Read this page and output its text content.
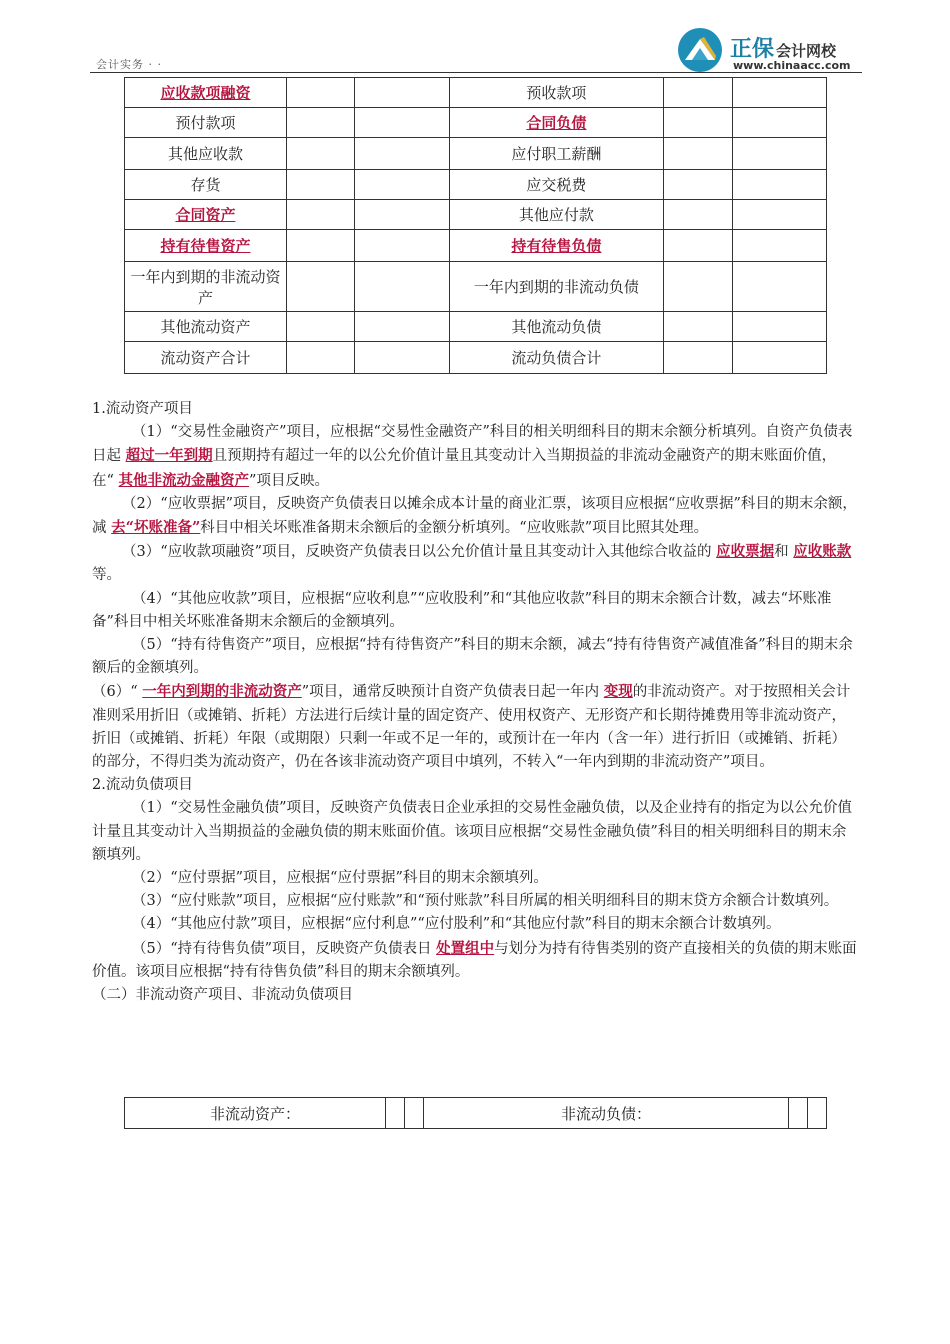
会计实务 · ·
正保 会计网校
www.chinaacc.com
应收款项融资			预收款项		
预付款项			合同负债		
其他应收款			应付职工薪酬		
存货			应交税费		
合同资产			其他应付款		
持有待售资产			持有待售负债		
一年内到期的非流动资产			一年内到期的非流动负债		
其他流动资产			其他流动负债		
流动资产合计			流动负债合计		

1.流动资产项目

（1）“交易性金融资产”项目，应根据“交易性金融资产”科目的相关明细科目的期末余额分析填列。自资产负债表日起 超过一年到期且预期持有超过一年的以公允价值计量且其变动计入当期损益的非流动金融资产的期末账面价值，在“ 其他非流动金融资产”项目反映。

（2）“应收票据”项目，反映资产负债表日以摊余成本计量的商业汇票，该项目应根据“应收票据”科目的期末余额，减 去“坏账准备”科目中相关坏账准备期末余额后的金额分析填列。“应收账款”项目比照其处理。

（3）“应收款项融资”项目，反映资产负债表日以公允价值计量且其变动计入其他综合收益的 应收票据和 应收账款等。

（4）“其他应收款”项目，应根据“应收利息”“应收股利”和“其他应收款”科目的期末余额合计数，减去“坏账准备”科目中相关坏账准备期末余额后的金额填列。

（5）“持有待售资产”项目，应根据“持有待售资产”科目的期末余额，减去“持有待售资产减值准备”科目的期末余额后的金额填列。

（6）“ 一年内到期的非流动资产”项目，通常反映预计自资产负债表日起一年内 变现的非流动资产。对于按照相关会计准则采用折旧（或摊销、折耗）方法进行后续计量的固定资产、使用权资产、无形资产和长期待摊费用等非流动资产，折旧（或摊销、折耗）年限（或期限）只剩一年或不足一年的，或预计在一年内（含一年）进行折旧（或摊销、折耗）的部分，不得归类为流动资产，仍在各该非流动资产项目中填列，不转入“一年内到期的非流动资产”项目。

2.流动负债项目

（1）“交易性金融负债”项目，反映资产负债表日企业承担的交易性金融负债，以及企业持有的指定为以公允价值计量且其变动计入当期损益的金融负债的期末账面价值。该项目应根据“交易性金融负债”科目的相关明细科目的期末余额填列。

（2）“应付票据”项目，应根据“应付票据”科目的期末余额填列。

（3）“应付账款”项目，应根据“应付账款”和“预付账款”科目所属的相关明细科目的期末贷方余额合计数填列。

（4）“其他应付款”项目，应根据“应付利息”“应付股利”和“其他应付款”科目的期末余额合计数填列。

（5）“持有待售负债”项目，反映资产负债表日 处置组中与划分为持有待售类别的资产直接相关的负债的期末账面价值。该项目应根据“持有待售负债”科目的期末余额填列。

（二）非流动资产项目、非流动负债项目

非流动资产：			非流动负债：		
